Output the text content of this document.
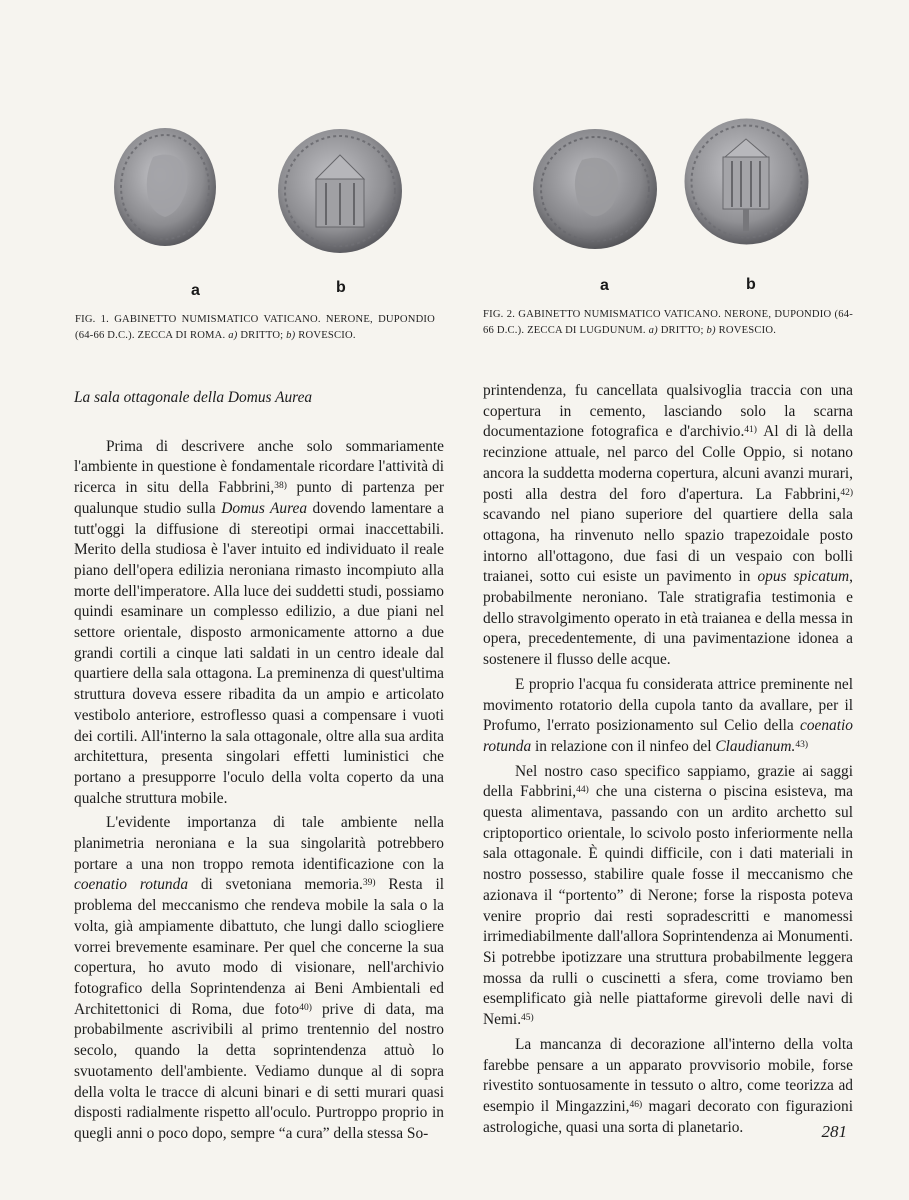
a	b	a	b

FIG. 1. GABINETTO NUMISMATICO VATICANO. NERONE, DUPONDIO (64-66 D.C.). ZECCA DI ROMA. a) DRITTO; b) ROVESCIO.

FIG. 2. GABINETTO NUMISMATICO VATICANO. NERONE, DUPONDIO (64-66 D.C.). ZECCA DI LUGDUNUM. a) DRITTO; b) ROVESCIO.

La sala ottagonale della Domus Aurea

Prima di descrivere anche solo sommariamente l'ambiente in questione è fondamentale ricordare l'attività di ricerca in situ della Fabbrini,$^{38)}$ punto di partenza per qualunque studio sulla Domus Aurea dovendo lamentare a tutt'oggi la diffusione di stereotipi ormai inaccettabili. Merito della studiosa è l'aver intuito ed individuato il reale piano dell'opera edilizia neroniana rimasto incompiuto alla morte dell'imperatore. Alla luce dei suddetti studi, possiamo quindi esaminare un complesso edilizio, a due piani nel settore orientale, disposto armonicamente attorno a due grandi cortili a cinque lati saldati in un centro ideale dal quartiere della sala ottagona. La preminenza di quest'ultima struttura doveva essere ribadita da un ampio e articolato vestibolo anteriore, estroflesso quasi a compensare i vuoti dei cortili. All'interno la sala ottagonale, oltre alla sua ardita architettura, presenta singolari effetti luministici che portano a presupporre l'oculo della volta coperto da una qualche struttura mobile.

L'evidente importanza di tale ambiente nella planimetria neroniana e la sua singolarità potrebbero portare a una non troppo remota identificazione con la coenatio rotunda di svetoniana memoria.$^{39)}$ Resta il problema del meccanismo che rendeva mobile la sala o la volta, già ampiamente dibattuto, che lungi dallo sciogliere vorrei brevemente esaminare. Per quel che concerne la sua copertura, ho avuto modo di visionare, nell'archivio fotografico della Soprintendenza ai Beni Ambientali ed Architettonici di Roma, due foto$^{40)}$ prive di data, ma probabilmente ascrivibili al primo trentennio del nostro secolo, quando la detta soprintendenza attuò lo svuotamento dell'ambiente. Vediamo dunque al di sopra della volta le tracce di alcuni binari e di setti murari quasi disposti radialmente rispetto all'oculo. Purtroppo proprio in quegli anni o poco dopo, sempre “a cura” della stessa So-

printendenza, fu cancellata qualsivoglia traccia con una copertura in cemento, lasciando solo la scarna documentazione fotografica e d'archivio.$^{41)}$ Al di là della recinzione attuale, nel parco del Colle Oppio, si notano ancora la suddetta moderna copertura, alcuni avanzi murari, posti alla destra del foro d'apertura. La Fabbrini,$^{42)}$ scavando nel piano superiore del quartiere della sala ottagona, ha rinvenuto nello spazio trapezoidale posto intorno all'ottagono, due fasi di un vespaio con bolli traianei, sotto cui esiste un pavimento in opus spicatum, probabilmente neroniano. Tale stratigrafia testimonia e dello stravolgimento operato in età traianea e della messa in opera, precedentemente, di una pavimentazione idonea a sostenere il flusso delle acque.

E proprio l'acqua fu considerata attrice preminente nel movimento rotatorio della cupola tanto da avallare, per il Profumo, l'errato posizionamento sul Celio della coenatio rotunda in relazione con il ninfeo del Claudianum.$^{43)}$

Nel nostro caso specifico sappiamo, grazie ai saggi della Fabbrini,$^{44)}$ che una cisterna o piscina esisteva, ma questa alimentava, passando con un ardito archetto sul criptoportico orientale, lo scivolo posto inferiormente nella sala ottagonale. È quindi difficile, con i dati materiali in nostro possesso, stabilire quale fosse il meccanismo che azionava il “portento” di Nerone; forse la risposta poteva venire proprio dai resti sopradescritti e manomessi irrimediabilmente dall'allora Soprintendenza ai Monumenti. Si potrebbe ipotizzare una struttura probabilmente leggera mossa da rulli o cuscinetti a sfera, come troviamo ben esemplificato già nelle piattaforme girevoli delle navi di Nemi.$^{45)}$

La mancanza di decorazione all'interno della volta farebbe pensare a un apparato provvisorio mobile, forse rivestito sontuosamente in tessuto o altro, come teorizza ad esempio il Mingazzini,$^{46)}$ magari decorato con figurazioni astrologiche, quasi una sorta di planetario.	281
